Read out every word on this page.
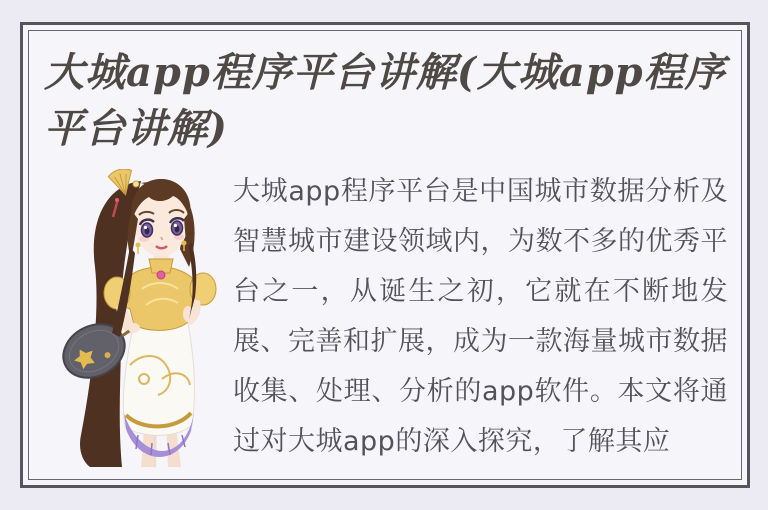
大城app程序平台讲解(大城app程序平台讲解)

大城app程序平台是中国城市数据分析及智慧城市建设领域内，为数不多的优秀平台之一，从诞生之初，它就在不断地发展、完善和扩展，成为一款海量城市数据收集、处理、分析的app软件。本文将通过对大城app的深入探究，了解其应
